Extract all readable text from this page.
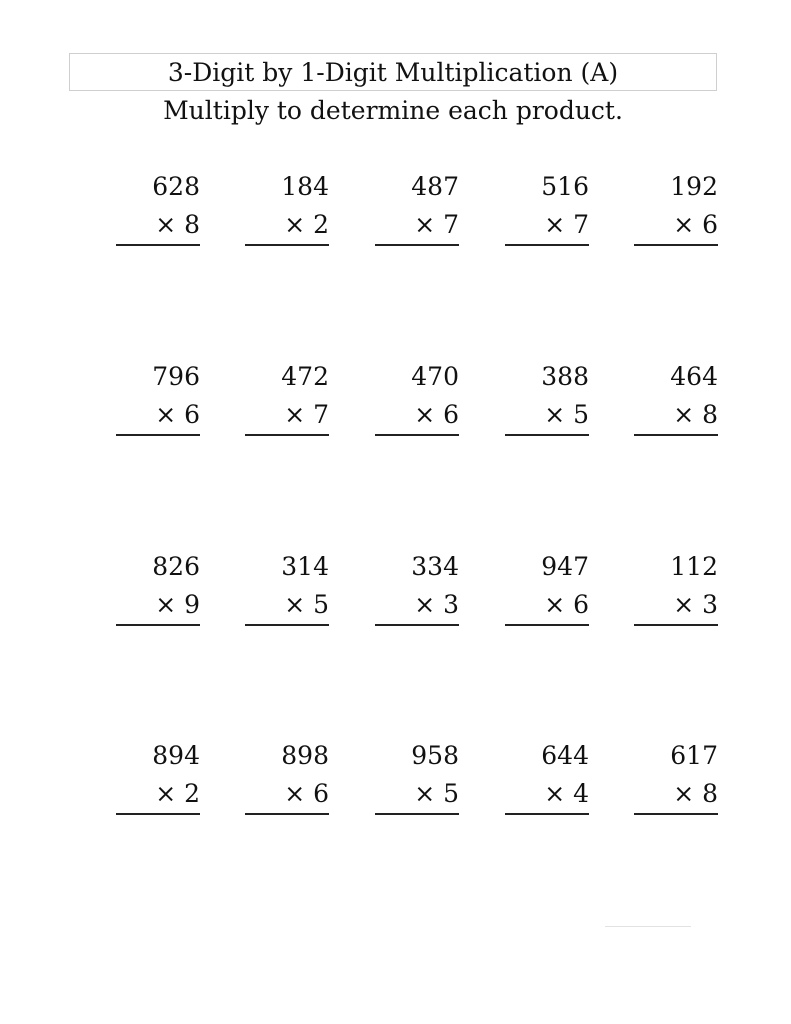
3-Digit by 1-Digit Multiplication (A)
Multiply to determine each product.
628
× 8
184
× 2
487
× 7
516
× 7
192
× 6
796
× 6
472
× 7
470
× 6
388
× 5
464
× 8
826
× 9
314
× 5
334
× 3
947
× 6
112
× 3
894
× 2
898
× 6
958
× 5
644
× 4
617
× 8
